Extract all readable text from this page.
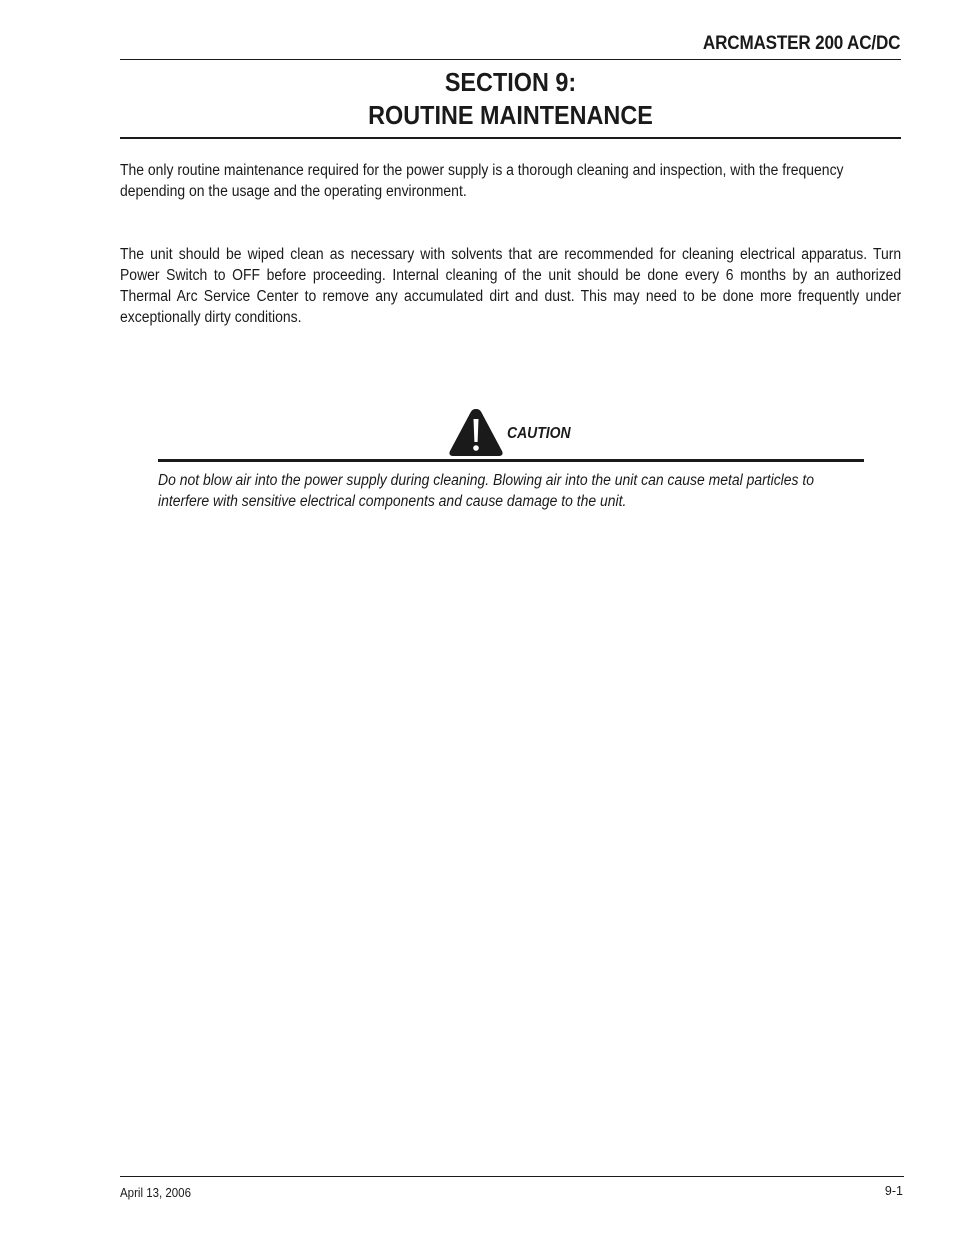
ARCMASTER 200 AC/DC
SECTION 9:
ROUTINE MAINTENANCE

The only routine maintenance required for the power supply is a thorough cleaning and inspection, with the frequency depending on the usage and the operating environment.

The unit should be wiped clean as necessary with solvents that are recommended for cleaning electrical apparatus. Turn Power Switch to OFF before proceeding. Internal cleaning of the unit should be done every 6 months by an authorized Thermal Arc Service Center to remove any accumulated dirt and dust. This may need to be done more frequently under exceptionally dirty conditions.

CAUTION

Do not blow air into the power supply during cleaning. Blowing air into the unit can cause metal particles to interfere with sensitive electrical components and cause damage to the unit.

April 13, 2006	9-1
